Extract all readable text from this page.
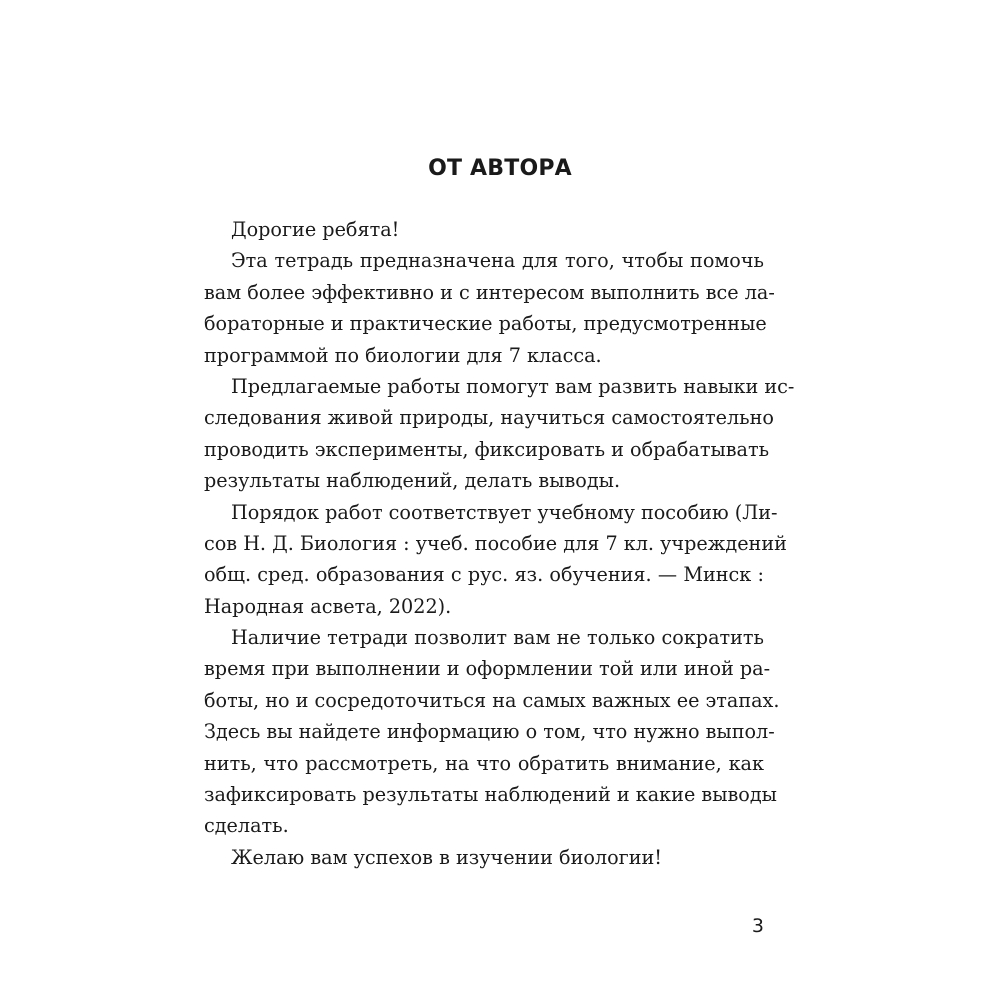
ОТ АВТОРА
Дорогие ребята!
Эта тетрадь предназначена для того, чтобы помочь
вам более эффективно и с интересом выполнить все ла-
бораторные и практические работы, предусмотренные
программой по биологии для 7 класса.
Предлагаемые работы помогут вам развить навыки ис-
следования живой природы, научиться самостоятельно
проводить эксперименты, фиксировать и обрабатывать
результаты наблюдений, делать выводы.
Порядок работ соответствует учебному пособию (Ли-
сов Н. Д. Биология : учеб. пособие для 7 кл. учреждений
общ. сред. образования с рус. яз. обучения. — Минск :
Народная асвета, 2022).
Наличие тетради позволит вам не только сократить
время при выполнении и оформлении той или иной ра-
боты, но и сосредоточиться на самых важных ее этапах.
Здесь вы найдете информацию о том, что нужно выпол-
нить, что рассмотреть, на что обратить внимание, как
зафиксировать результаты наблюдений и какие выводы
сделать.
Желаю вам успехов в изучении биологии!
3
